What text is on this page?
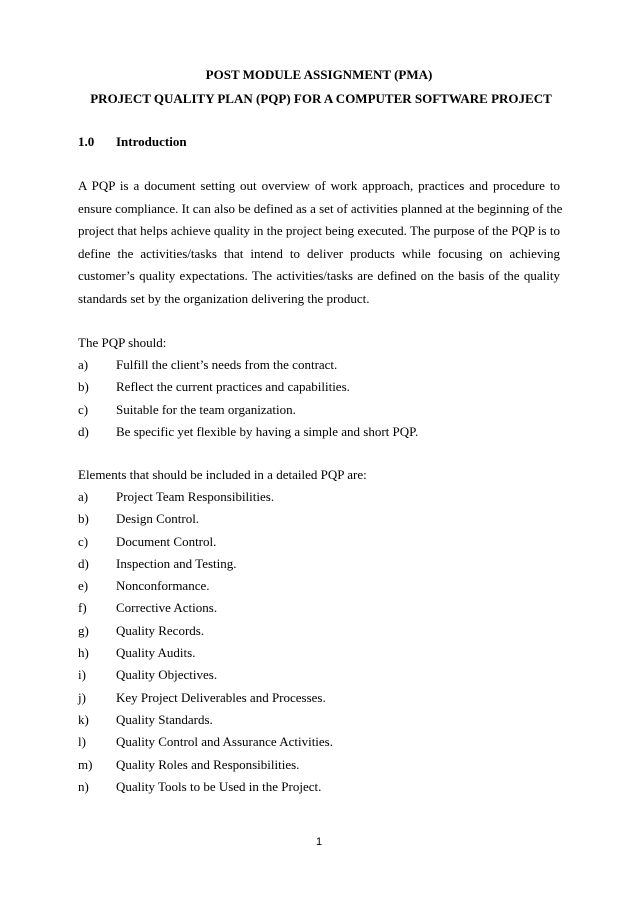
POST MODULE ASSIGNMENT (PMA)
PROJECT QUALITY PLAN (PQP) FOR A COMPUTER SOFTWARE PROJECT
1.0 Introduction
A PQP is a document setting out overview of work approach, practices and procedure to
ensure compliance. It can also be defined as a set of activities planned at the beginning of the
project that helps achieve quality in the project being executed. The purpose of the PQP is to
define the activities/tasks that intend to deliver products while focusing on achieving
customer’s quality expectations. The activities/tasks are defined on the basis of the quality
standards set by the organization delivering the product.
The PQP should:
a) Fulfill the client’s needs from the contract.
b) Reflect the current practices and capabilities.
c) Suitable for the team organization.
d) Be specific yet flexible by having a simple and short PQP.
Elements that should be included in a detailed PQP are:
a) Project Team Responsibilities.
b) Design Control.
c) Document Control.
d) Inspection and Testing.
e) Nonconformance.
f) Corrective Actions.
g) Quality Records.
h) Quality Audits.
i) Quality Objectives.
j) Key Project Deliverables and Processes.
k) Quality Standards.
l) Quality Control and Assurance Activities.
m) Quality Roles and Responsibilities.
n) Quality Tools to be Used in the Project.
1
